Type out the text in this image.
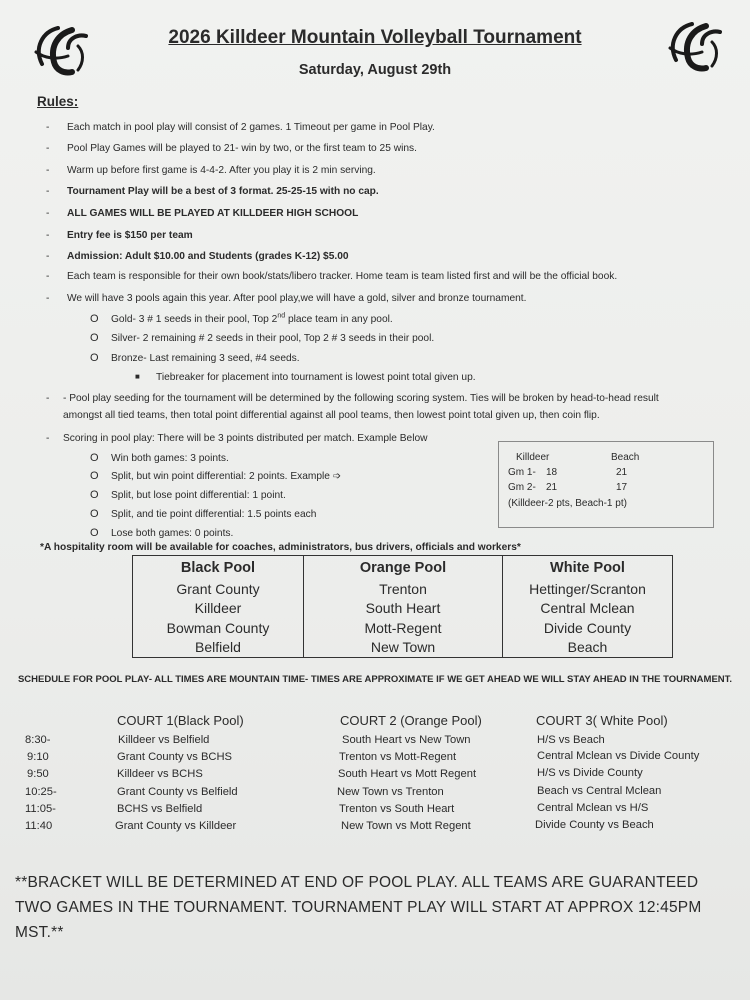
2026 Killdeer Mountain Volleyball Tournament
Saturday, August 29th
Rules:
- Each match in pool play will consist of 2 games. 1 Timeout per game in Pool Play.
- Pool Play Games will be played to 21- win by two, or the first team to 25 wins.
- Warm up before first game is 4-4-2. After you play it is 2 min serving.
- Tournament Play will be a best of 3 format. 25-25-15 with no cap.
- ALL GAMES WILL BE PLAYED AT KILLDEER HIGH SCHOOL
- Entry fee is $150 per team
- Admission: Adult $10.00 and Students (grades K-12) $5.00
- Each team is responsible for their own book/stats/libero tracker. Home team is team listed first and will be the official book.
- We will have 3 pools again this year. After pool play,we will have a gold, silver and bronze tournament.
O Gold- 3 # 1 seeds in their pool, Top 2nd place team in any pool.
O Silver- 2 remaining # 2 seeds in their pool, Top 2 # 3 seeds in their pool.
O Bronze- Last remaining 3 seed, #4 seeds.
■ Tiebreaker for placement into tournament is lowest point total given up.
- - Pool play seeding for the tournament will be determined by the following scoring system. Ties will be broken by head-to-head result
amongst all tied teams, then total point differential against all pool teams, then lowest point total given up, then coin flip.
- Scoring in pool play: There will be 3 points distributed per match. Example Below
O Win both games: 3 points.
O Split, but win point differential: 2 points. Example ➩
O Split, but lose point differential: 1 point.
O Split, and tie point differential: 1.5 points each
O Lose both games: 0 points.
Killdeer	Beach
Gm 1- 18	21
Gm 2- 21	17
(Killdeer-2 pts, Beach-1 pt)
*A hospitality room will be available for coaches, administrators, bus drivers, officials and workers*
Black Pool	Orange Pool	White Pool
Grant County	Trenton	Hettinger/Scranton
Killdeer	South Heart	Central Mclean
Bowman County	Mott-Regent	Divide County
Belfield	New Town	Beach
SCHEDULE FOR POOL PLAY- ALL TIMES ARE MOUNTAIN TIME- TIMES ARE APPROXIMATE IF WE GET AHEAD WE WILL STAY AHEAD IN THE TOURNAMENT.
COURT 1(Black Pool)	COURT 2 (Orange Pool)	COURT 3( White Pool)
8:30-	Killdeer vs Belfield	South Heart vs New Town	H/S vs Beach
9:10	Grant County vs BCHS	Trenton vs Mott-Regent	Central Mclean vs Divide County
9:50	Killdeer vs BCHS	South Heart vs Mott Regent	H/S vs Divide County
10:25-	Grant County vs Belfield	New Town vs Trenton	Beach vs Central Mclean
11:05-	BCHS vs Belfield	Trenton vs South Heart	Central Mclean vs H/S
11:40	Grant County vs Killdeer	New Town vs Mott Regent	Divide County vs Beach
**BRACKET WILL BE DETERMINED AT END OF POOL PLAY. ALL TEAMS ARE GUARANTEED TWO GAMES IN THE TOURNAMENT. TOURNAMENT PLAY WILL START AT APPROX 12:45PM MST.**
